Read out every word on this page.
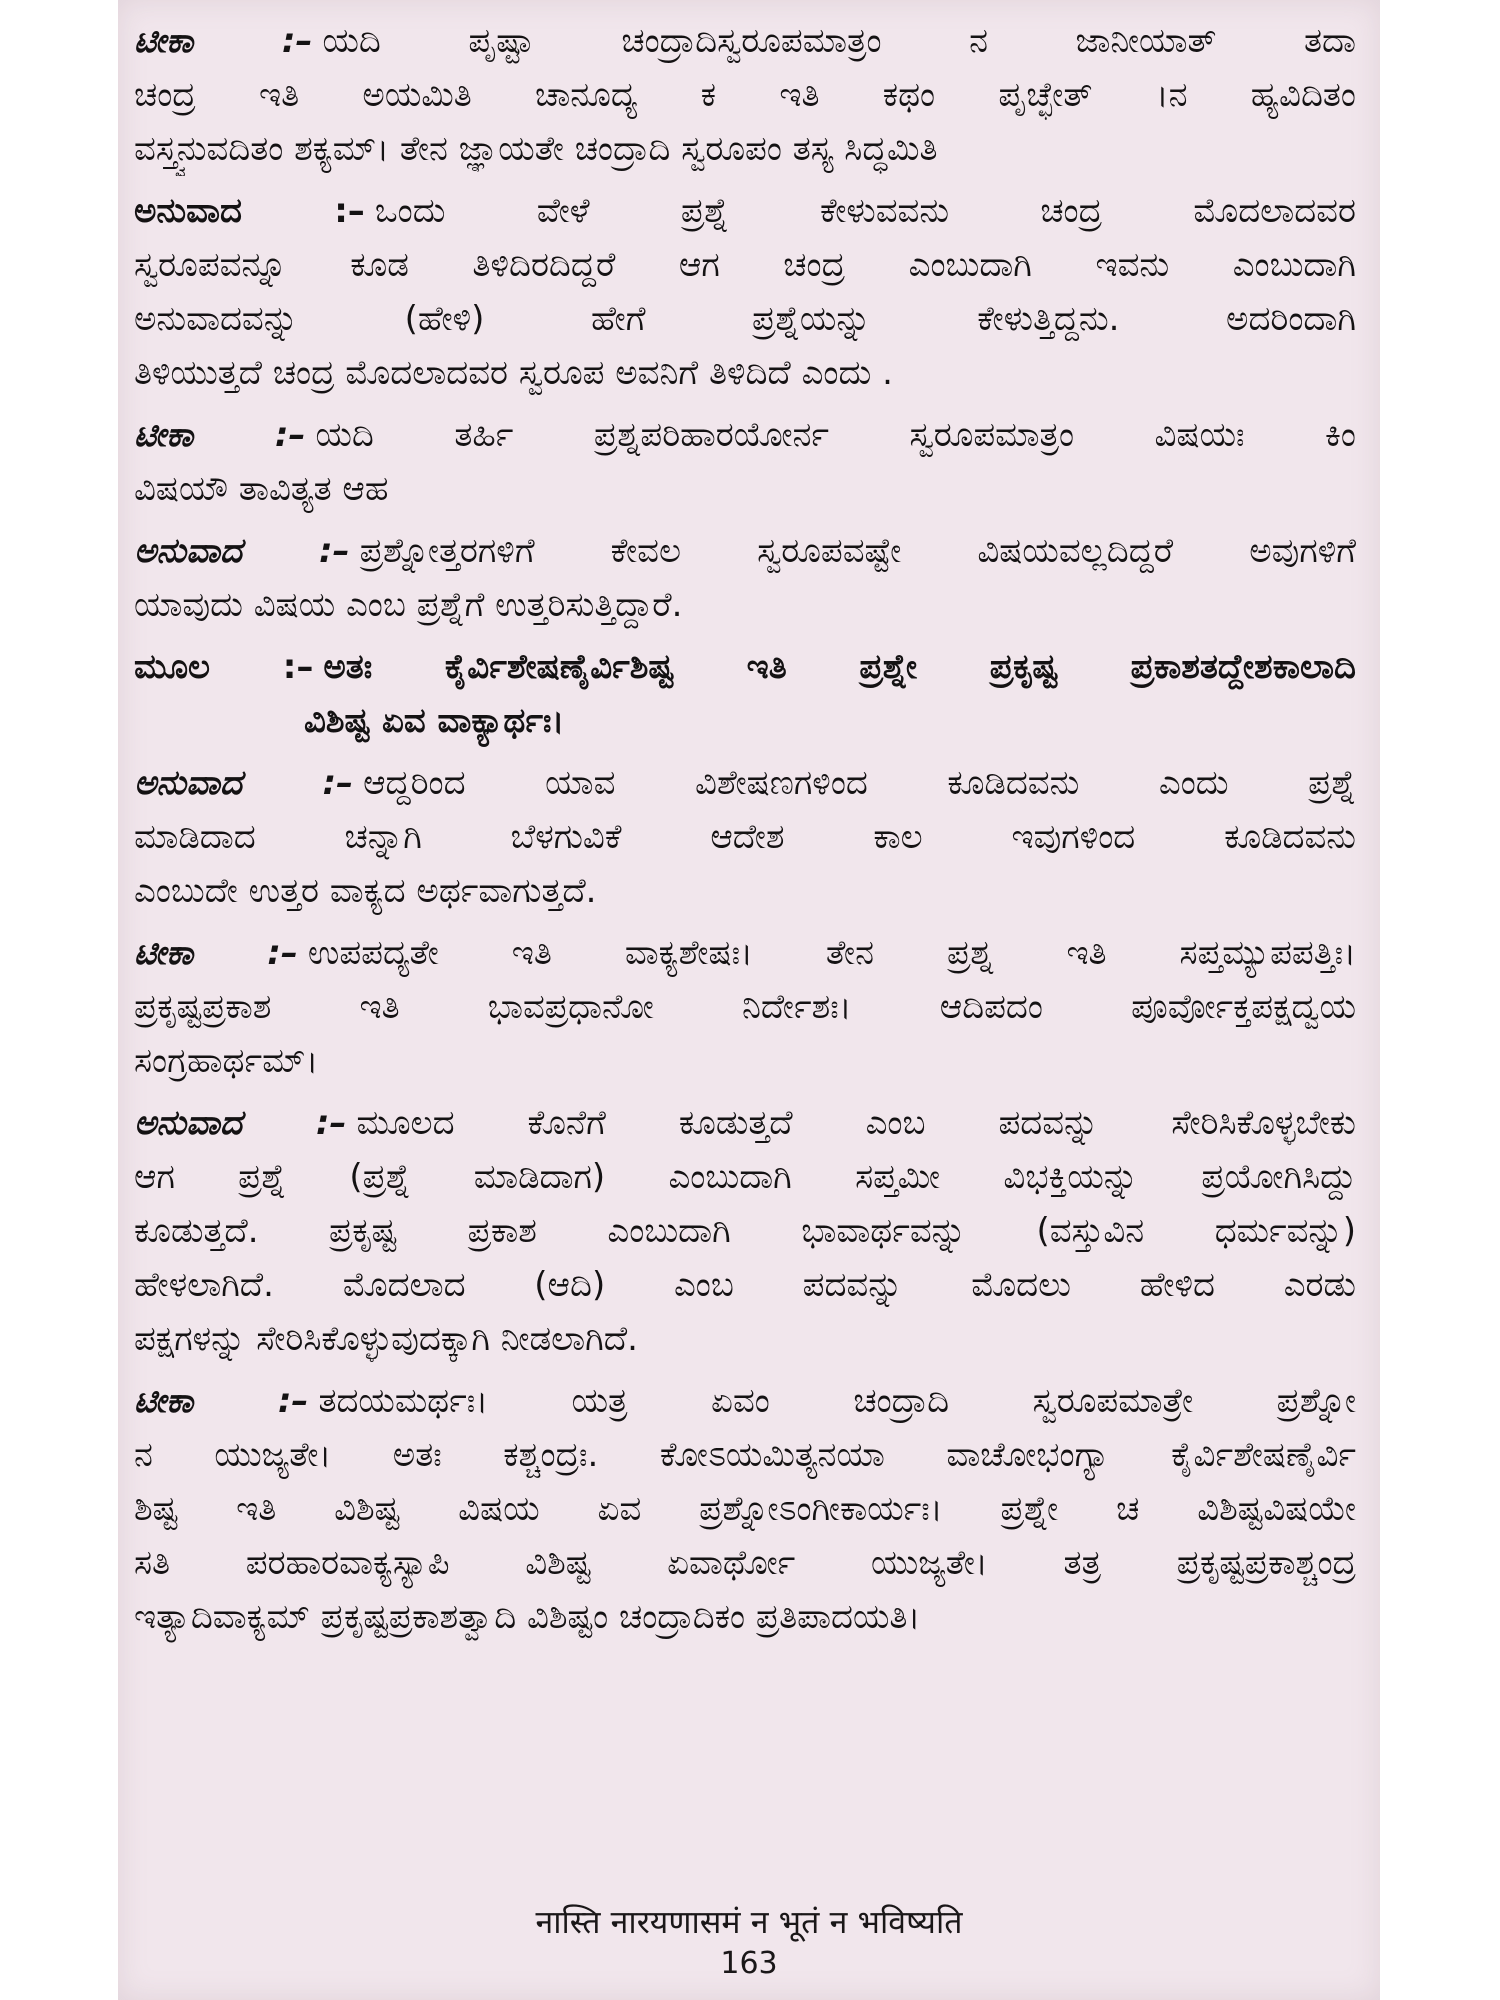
ಟೀಕಾ :– ಯದಿ ಪೃಷ್ಟಾ ಚಂದ್ರಾದಿಸ್ವರೂಪಮಾತ್ರಂ ನ ಜಾನೀಯಾತ್ ತದಾ
ಚಂದ್ರ ಇತಿ ಅಯಮಿತಿ ಚಾನೂದ್ಯ ಕ ಇತಿ ಕಥಂ ಪೃಚ್ಛೇತ್ ।ನ ಹ್ಯವಿದಿತಂ
ವಸ್ತ್ವನುವದಿತಂ ಶಕ್ಯಮ್। ತೇನ ಜ್ಞಾಯತೇ ಚಂದ್ರಾದಿ ಸ್ವರೂಪಂ ತಸ್ಯ ಸಿದ್ಧಮಿತಿ
ಅನುವಾದ :– ಒಂದು ವೇಳೆ ಪ್ರಶ್ನೆ ಕೇಳುವವನು ಚಂದ್ರ ಮೊದಲಾದವರ
ಸ್ವರೂಪವನ್ನೂ ಕೂಡ ತಿಳಿದಿರದಿದ್ದರೆ ಆಗ ಚಂದ್ರ ಎಂಬುದಾಗಿ ಇವನು ಎಂಬುದಾಗಿ
ಅನುವಾದವನ್ನು (ಹೇಳಿ) ಹೇಗೆ ಪ್ರಶ್ನೆಯನ್ನು ಕೇಳುತ್ತಿದ್ದನು. ಅದರಿಂದಾಗಿ
ತಿಳಿಯುತ್ತದೆ ಚಂದ್ರ ಮೊದಲಾದವರ ಸ್ವರೂಪ ಅವನಿಗೆ ತಿಳಿದಿದೆ ಎಂದು .
ಟೀಕಾ :– ಯದಿ ತರ್ಹಿ ಪ್ರಶ್ನಪರಿಹಾರಯೋರ್ನ ಸ್ವರೂಪಮಾತ್ರಂ ವಿಷಯಃ ಕಿಂ
ವಿಷಯೌ ತಾವಿತ್ಯತ ಆಹ
ಅನುವಾದ :– ಪ್ರಶ್ನೋತ್ತರಗಳಿಗೆ ಕೇವಲ ಸ್ವರೂಪವಷ್ಟೇ ವಿಷಯವಲ್ಲದಿದ್ದರೆ ಅವುಗಳಿಗೆ
ಯಾವುದು ವಿಷಯ ಎಂಬ ಪ್ರಶ್ನೆಗೆ ಉತ್ತರಿಸುತ್ತಿದ್ದಾರೆ.
ಮೂಲ :– ಅತಃ ಕೈರ್ವಿಶೇಷಣೈರ್ವಿಶಿಷ್ಟ ಇತಿ ಪ್ರಶ್ನೇ ಪ್ರಕೃಷ್ಟ ಪ್ರಕಾಶತದ್ದೇಶಕಾಲಾದಿ
ವಿಶಿಷ್ಟ ಏವ ವಾಕ್ಯಾರ್ಥಃ।
ಅನುವಾದ :– ಆದ್ದರಿಂದ ಯಾವ ವಿಶೇಷಣಗಳಿಂದ ಕೂಡಿದವನು ಎಂದು ಪ್ರಶ್ನೆ
ಮಾಡಿದಾದ ಚನ್ನಾಗಿ ಬೆಳಗುವಿಕೆ ಆದೇಶ ಕಾಲ ಇವುಗಳಿಂದ ಕೂಡಿದವನು
ಎಂಬುದೇ ಉತ್ತರ ವಾಕ್ಯದ ಅರ್ಥವಾಗುತ್ತದೆ.
ಟೀಕಾ :– ಉಪಪದ್ಯತೇ ಇತಿ ವಾಕ್ಯಶೇಷಃ। ತೇನ ಪ್ರಶ್ನ ಇತಿ ಸಪ್ತಮ್ಯುಪಪತ್ತಿಃ।
ಪ್ರಕೃಷ್ಟಪ್ರಕಾಶ ಇತಿ ಭಾವಪ್ರಧಾನೋ ನಿರ್ದೇಶಃ। ಆದಿಪದಂ ಪೂರ್ವೋಕ್ತಪಕ್ಷದ್ವಯ
ಸಂಗ್ರಹಾರ್ಥಮ್।
ಅನುವಾದ :– ಮೂಲದ ಕೊನೆಗೆ ಕೂಡುತ್ತದೆ ಎಂಬ ಪದವನ್ನು ಸೇರಿಸಿಕೊಳ್ಳಬೇಕು
ಆಗ ಪ್ರಶ್ನೆ (ಪ್ರಶ್ನೆ ಮಾಡಿದಾಗ) ಎಂಬುದಾಗಿ ಸಪ್ತಮೀ ವಿಭಕ್ತಿಯನ್ನು ಪ್ರಯೋಗಿಸಿದ್ದು
ಕೂಡುತ್ತದೆ. ಪ್ರಕೃಷ್ಟ ಪ್ರಕಾಶ ಎಂಬುದಾಗಿ ಭಾವಾರ್ಥವನ್ನು (ವಸ್ತುವಿನ ಧರ್ಮವನ್ನು)
ಹೇಳಲಾಗಿದೆ. ಮೊದಲಾದ (ಆದಿ) ಎಂಬ ಪದವನ್ನು ಮೊದಲು ಹೇಳಿದ ಎರಡು
ಪಕ್ಷಗಳನ್ನು ಸೇರಿಸಿಕೊಳ್ಳುವುದಕ್ಕಾಗಿ ನೀಡಲಾಗಿದೆ.
ಟೀಕಾ :– ತದಯಮರ್ಥಃ। ಯತ್ರ ಏವಂ ಚಂದ್ರಾದಿ ಸ್ವರೂಪಮಾತ್ರೇ ಪ್ರಶ್ನೋ
ನ ಯುಜ್ಯತೇ। ಅತಃ ಕಶ್ಚಂದ್ರಃ. ಕೋಽಯಮಿತ್ಯನಯಾ ವಾಚೋಭಂಗ್ಯಾ ಕೈರ್ವಿಶೇಷಣೈರ್ವಿ
ಶಿಷ್ಟ ಇತಿ ವಿಶಿಷ್ಟ ವಿಷಯ ಏವ ಪ್ರಶ್ನೋಽಂಗೀಕಾರ್ಯಃ। ಪ್ರಶ್ನೇ ಚ ವಿಶಿಷ್ಟವಿಷಯೇ
ಸತಿ ಪರಹಾರವಾಕ್ಯಸ್ಯಾಪಿ ವಿಶಿಷ್ಟ ಏವಾರ್ಥೋ ಯುಜ್ಯತೇ। ತತ್ರ ಪ್ರಕೃಷ್ಟಪ್ರಕಾಶ್ಚಂದ್ರ
ಇತ್ಯಾದಿವಾಕ್ಯಮ್ ಪ್ರಕೃಷ್ಟಪ್ರಕಾಶತ್ವಾದಿ ವಿಶಿಷ್ಟಂ ಚಂದ್ರಾದಿಕಂ ಪ್ರತಿಪಾದಯತಿ।
नास्ति नारयणासमं न भूतं न भविष्यति
163
